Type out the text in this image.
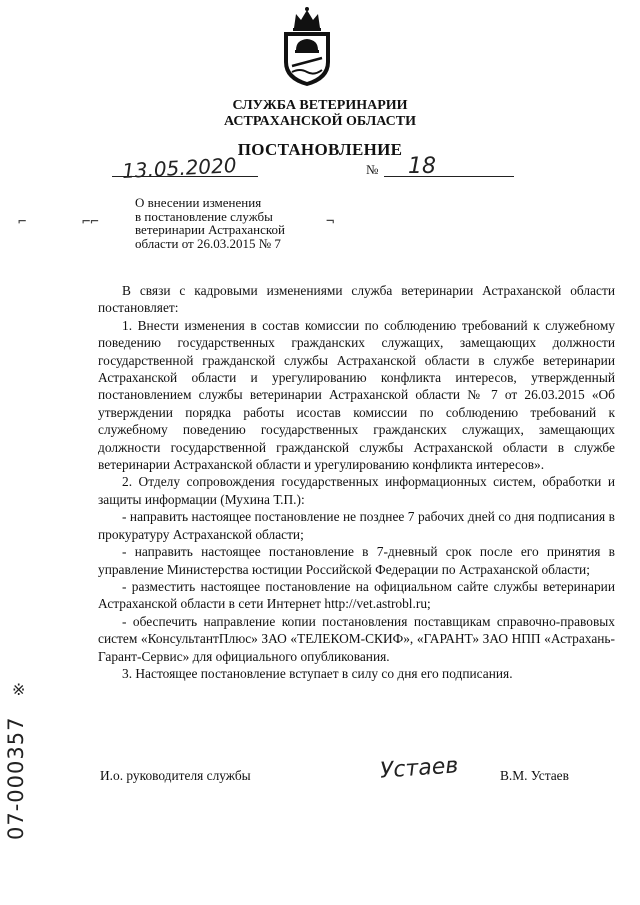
СЛУЖБА ВЕТЕРИНАРИИ
АСТРАХАНСКОЙ ОБЛАСТИ
ПОСТАНОВЛЕНИЕ
13.05.2020	№ 18
⌐	⌐⌐	¬
О внесении изменения
в постановление службы
ветеринарии Астраханской
области от 26.03.2015 № 7

В связи с кадровыми изменениями служба ветеринарии Астраханской области постановляет:

1. Внести изменения в состав комиссии по соблюдению требований к служебному поведению государственных гражданских служащих, замещающих должности государственной гражданской службы Астраханской области в службе ветеринарии Астраханской области и урегулированию конфликта интересов, утвержденный постановлением службы ветеринарии Астраханской области № 7 от 26.03.2015 «Об утверждении порядка работы исостав комиссии по соблюдению требований к служебному поведению государственных гражданских служащих, замещающих должности государственной гражданской службы Астраханской области в службе ветеринарии Астраханской области и урегулированию конфликта интересов».

2. Отделу сопровождения государственных информационных систем, обработки и защиты информации (Мухина Т.П.):

- направить настоящее постановление не позднее 7 рабочих дней со дня подписания в прокуратуру Астраханской области;

- направить настоящее постановление в 7-дневный срок после его принятия в управление Министерства юстиции Российской Федерации по Астраханской области;

- разместить настоящее постановление на официальном сайте службы ветеринарии Астраханской области в сети Интернет http://vet.astrobl.ru;

- обеспечить направление копии постановления поставщикам справочно-правовых систем «КонсультантПлюс» ЗАО «ТЕЛЕКОМ-СКИФ», «ГАРАНТ» ЗАО НПП «Астрахань-Гарант-Сервис» для официального опубликования.

3. Настоящее постановление вступает в силу со дня его подписания.

И.о. руководителя службы	Устаев	В.М. Устаев
※
07-000357
